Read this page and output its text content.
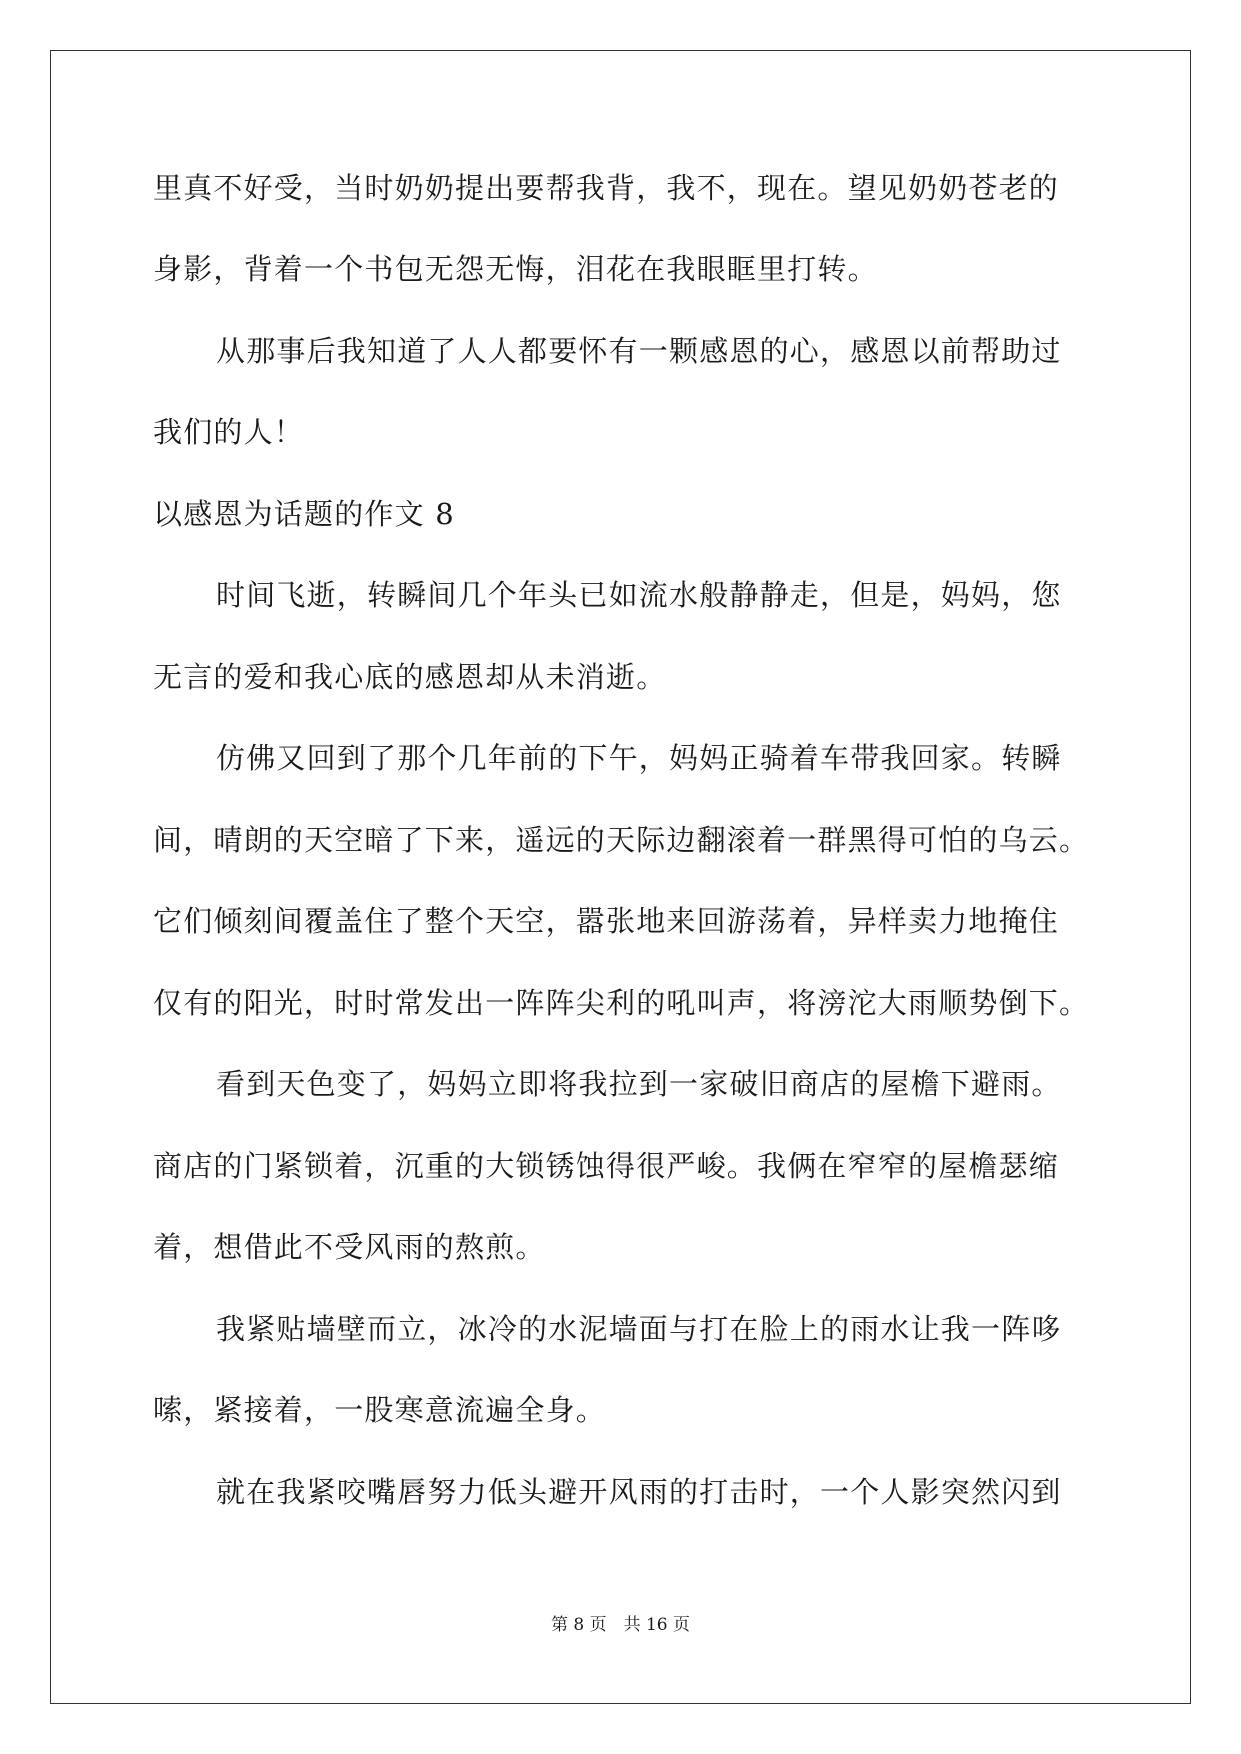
里真不好受，当时奶奶提出要帮我背，我不，现在。望见奶奶苍老的
身影，背着一个书包无怨无悔，泪花在我眼眶里打转。
从那事后我知道了人人都要怀有一颗感恩的心，感恩以前帮助过
我们的人！
以感恩为话题的作文 8
时间飞逝，转瞬间几个年头已如流水般静静走，但是，妈妈，您
无言的爱和我心底的感恩却从未消逝。
仿佛又回到了那个几年前的下午，妈妈正骑着车带我回家。转瞬
间，晴朗的天空暗了下来，遥远的天际边翻滚着一群黑得可怕的乌云。
它们倾刻间覆盖住了整个天空，嚣张地来回游荡着，异样卖力地掩住
仅有的阳光，时时常发出一阵阵尖利的吼叫声，将滂沱大雨顺势倒下。
看到天色变了，妈妈立即将我拉到一家破旧商店的屋檐下避雨。
商店的门紧锁着，沉重的大锁锈蚀得很严峻。我俩在窄窄的屋檐瑟缩
着，想借此不受风雨的熬煎。
我紧贴墙壁而立，冰冷的水泥墙面与打在脸上的雨水让我一阵哆
嗦，紧接着，一股寒意流遍全身。
就在我紧咬嘴唇努力低头避开风雨的打击时，一个人影突然闪到
第 8 页　共 16 页
